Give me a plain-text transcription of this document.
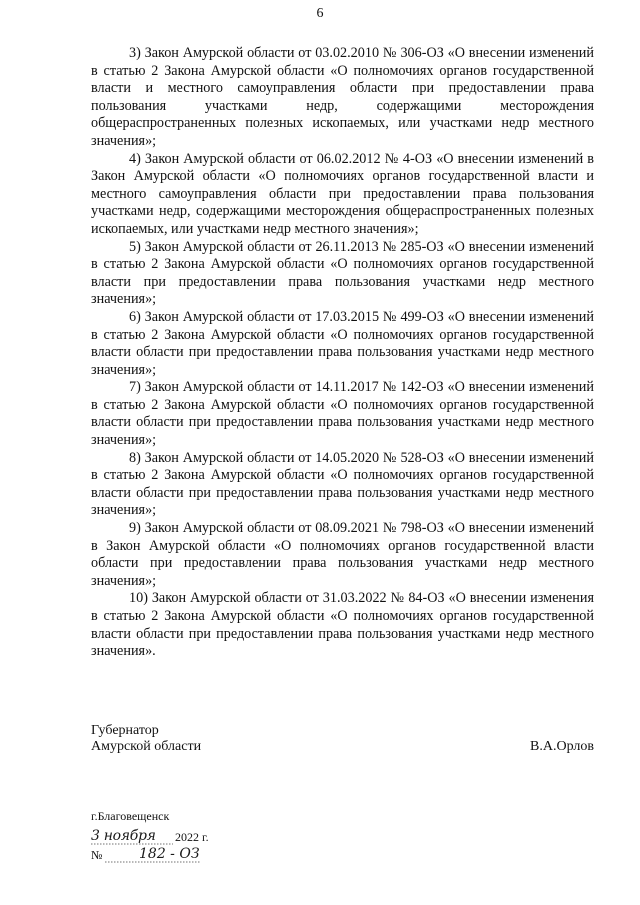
6

3) Закон Амурской области от 03.02.2010 № 306-ОЗ «О внесении изменений в статью 2 Закона Амурской области «О полномочиях органов государственной власти и местного самоуправления области при предоставлении права пользования участками недр, содержащими месторождения общераспространенных полезных ископаемых, или участками недр местного значения»;

4) Закон Амурской области от 06.02.2012 № 4-ОЗ «О внесении изменений в Закон Амурской области «О полномочиях органов государственной власти и местного самоуправления области при предоставлении права пользования участками недр, содержащими месторождения общераспространенных полезных ископаемых, или участками недр местного значения»;

5) Закон Амурской области от 26.11.2013 № 285-ОЗ «О внесении изменений в статью 2 Закона Амурской области «О полномочиях органов государственной власти при предоставлении права пользования участками недр местного значения»;

6) Закон Амурской области от 17.03.2015 № 499-ОЗ «О внесении изменений в статью 2 Закона Амурской области «О полномочиях органов государственной власти области при предоставлении права пользования участками недр местного значения»;

7) Закон Амурской области от 14.11.2017 № 142-ОЗ «О внесении изменений в статью 2 Закона Амурской области «О полномочиях органов государственной власти области при предоставлении права пользования участками недр местного значения»;

8) Закон Амурской области от 14.05.2020 № 528-ОЗ «О внесении изменений в статью 2 Закона Амурской области «О полномочиях органов государственной власти области при предоставлении права пользования участками недр местного значения»;

9) Закон Амурской области от 08.09.2021 № 798-ОЗ «О внесении изменений в Закон Амурской области «О полномочиях органов государственной власти области при предоставлении права пользования участками недр местного значения»;

10) Закон Амурской области от 31.03.2022 № 84-ОЗ «О внесении изменения в статью 2 Закона Амурской области «О полномочиях органов государственной власти области при предоставлении права пользования участками недр местного значения».

Губернатор
Амурской области	В.А.Орлов
г.Благовещенск
3 ноября 2022 г.
№	182 - ОЗ
